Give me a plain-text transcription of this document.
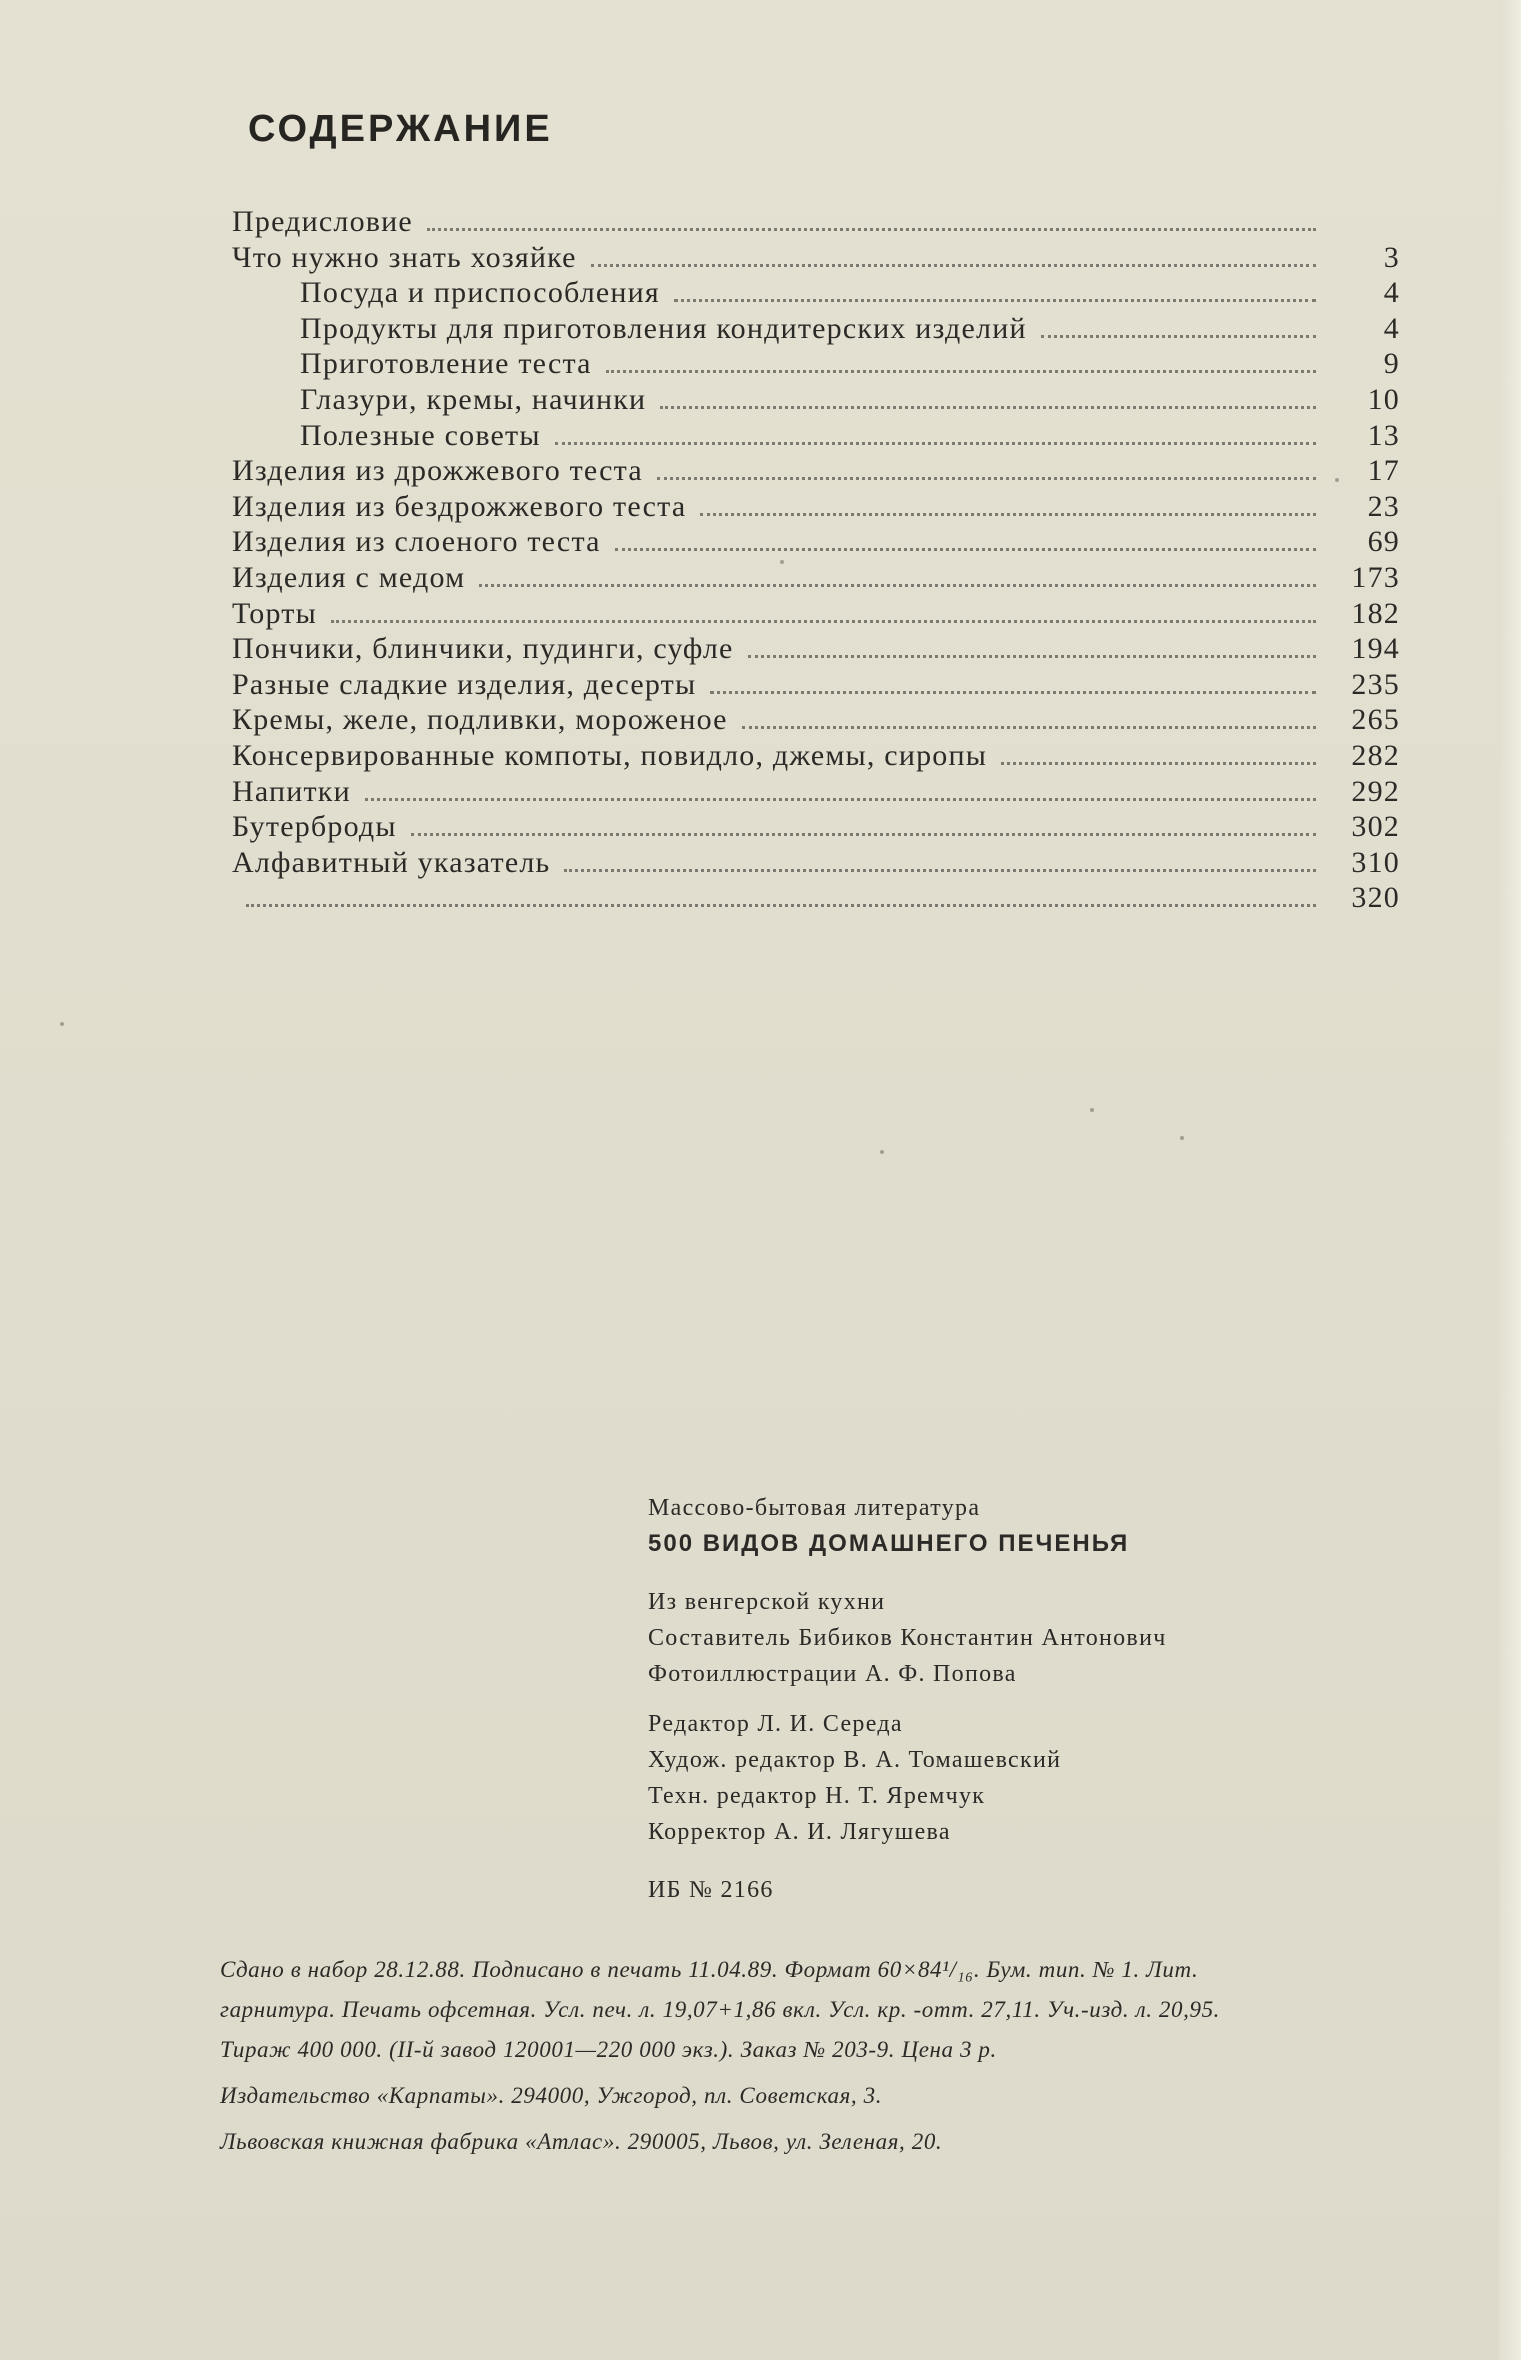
СОДЕРЖАНИЕ
Предисловие
Что нужно знать хозяйке	3
Посуда и приспособления	4
Продукты для приготовления кондитерских изделий	4
Приготовление теста	9
Глазури, кремы, начинки	10
Полезные советы	13
Изделия из дрожжевого теста	17
Изделия из бездрожжевого теста	23
Изделия из слоеного теста	69
Изделия с медом	173
Торты	182
Пончики, блинчики, пудинги, суфле	194
Разные сладкие изделия, десерты	235
Кремы, желе, подливки, мороженое	265
Консервированные компоты, повидло, джемы, сиропы	282
Напитки	292
Бутерброды	302
Алфавитный указатель	310
320
Массово-бытовая литература
500 ВИДОВ ДОМАШНЕГО ПЕЧЕНЬЯ
Из венгерской кухни
Составитель Бибиков Константин Антонович
Фотоиллюстрации А. Ф. Попова
Редактор Л. И. Середа
Худож. редактор В. А. Томашевский
Техн. редактор Н. Т. Яремчук
Корректор А. И. Лягушева
ИБ № 2166
Сдано в набор 28.12.88. Подписано в печать 11.04.89. Формат 60×84¹/₁₆. Бум. тип. № 1. Лит.
гарнитура. Печать офсетная. Усл. печ. л. 19,07+1,86 вкл. Усл. кр. -отт. 27,11. Уч.-изд. л. 20,95.
Тираж 400 000. (II-й завод 120001—220 000 экз.). Заказ № 203-9. Цена 3 р.
Издательство «Карпаты». 294000, Ужгород, пл. Советская, 3.
Львовская книжная фабрика «Атлас». 290005, Львов, ул. Зеленая, 20.
